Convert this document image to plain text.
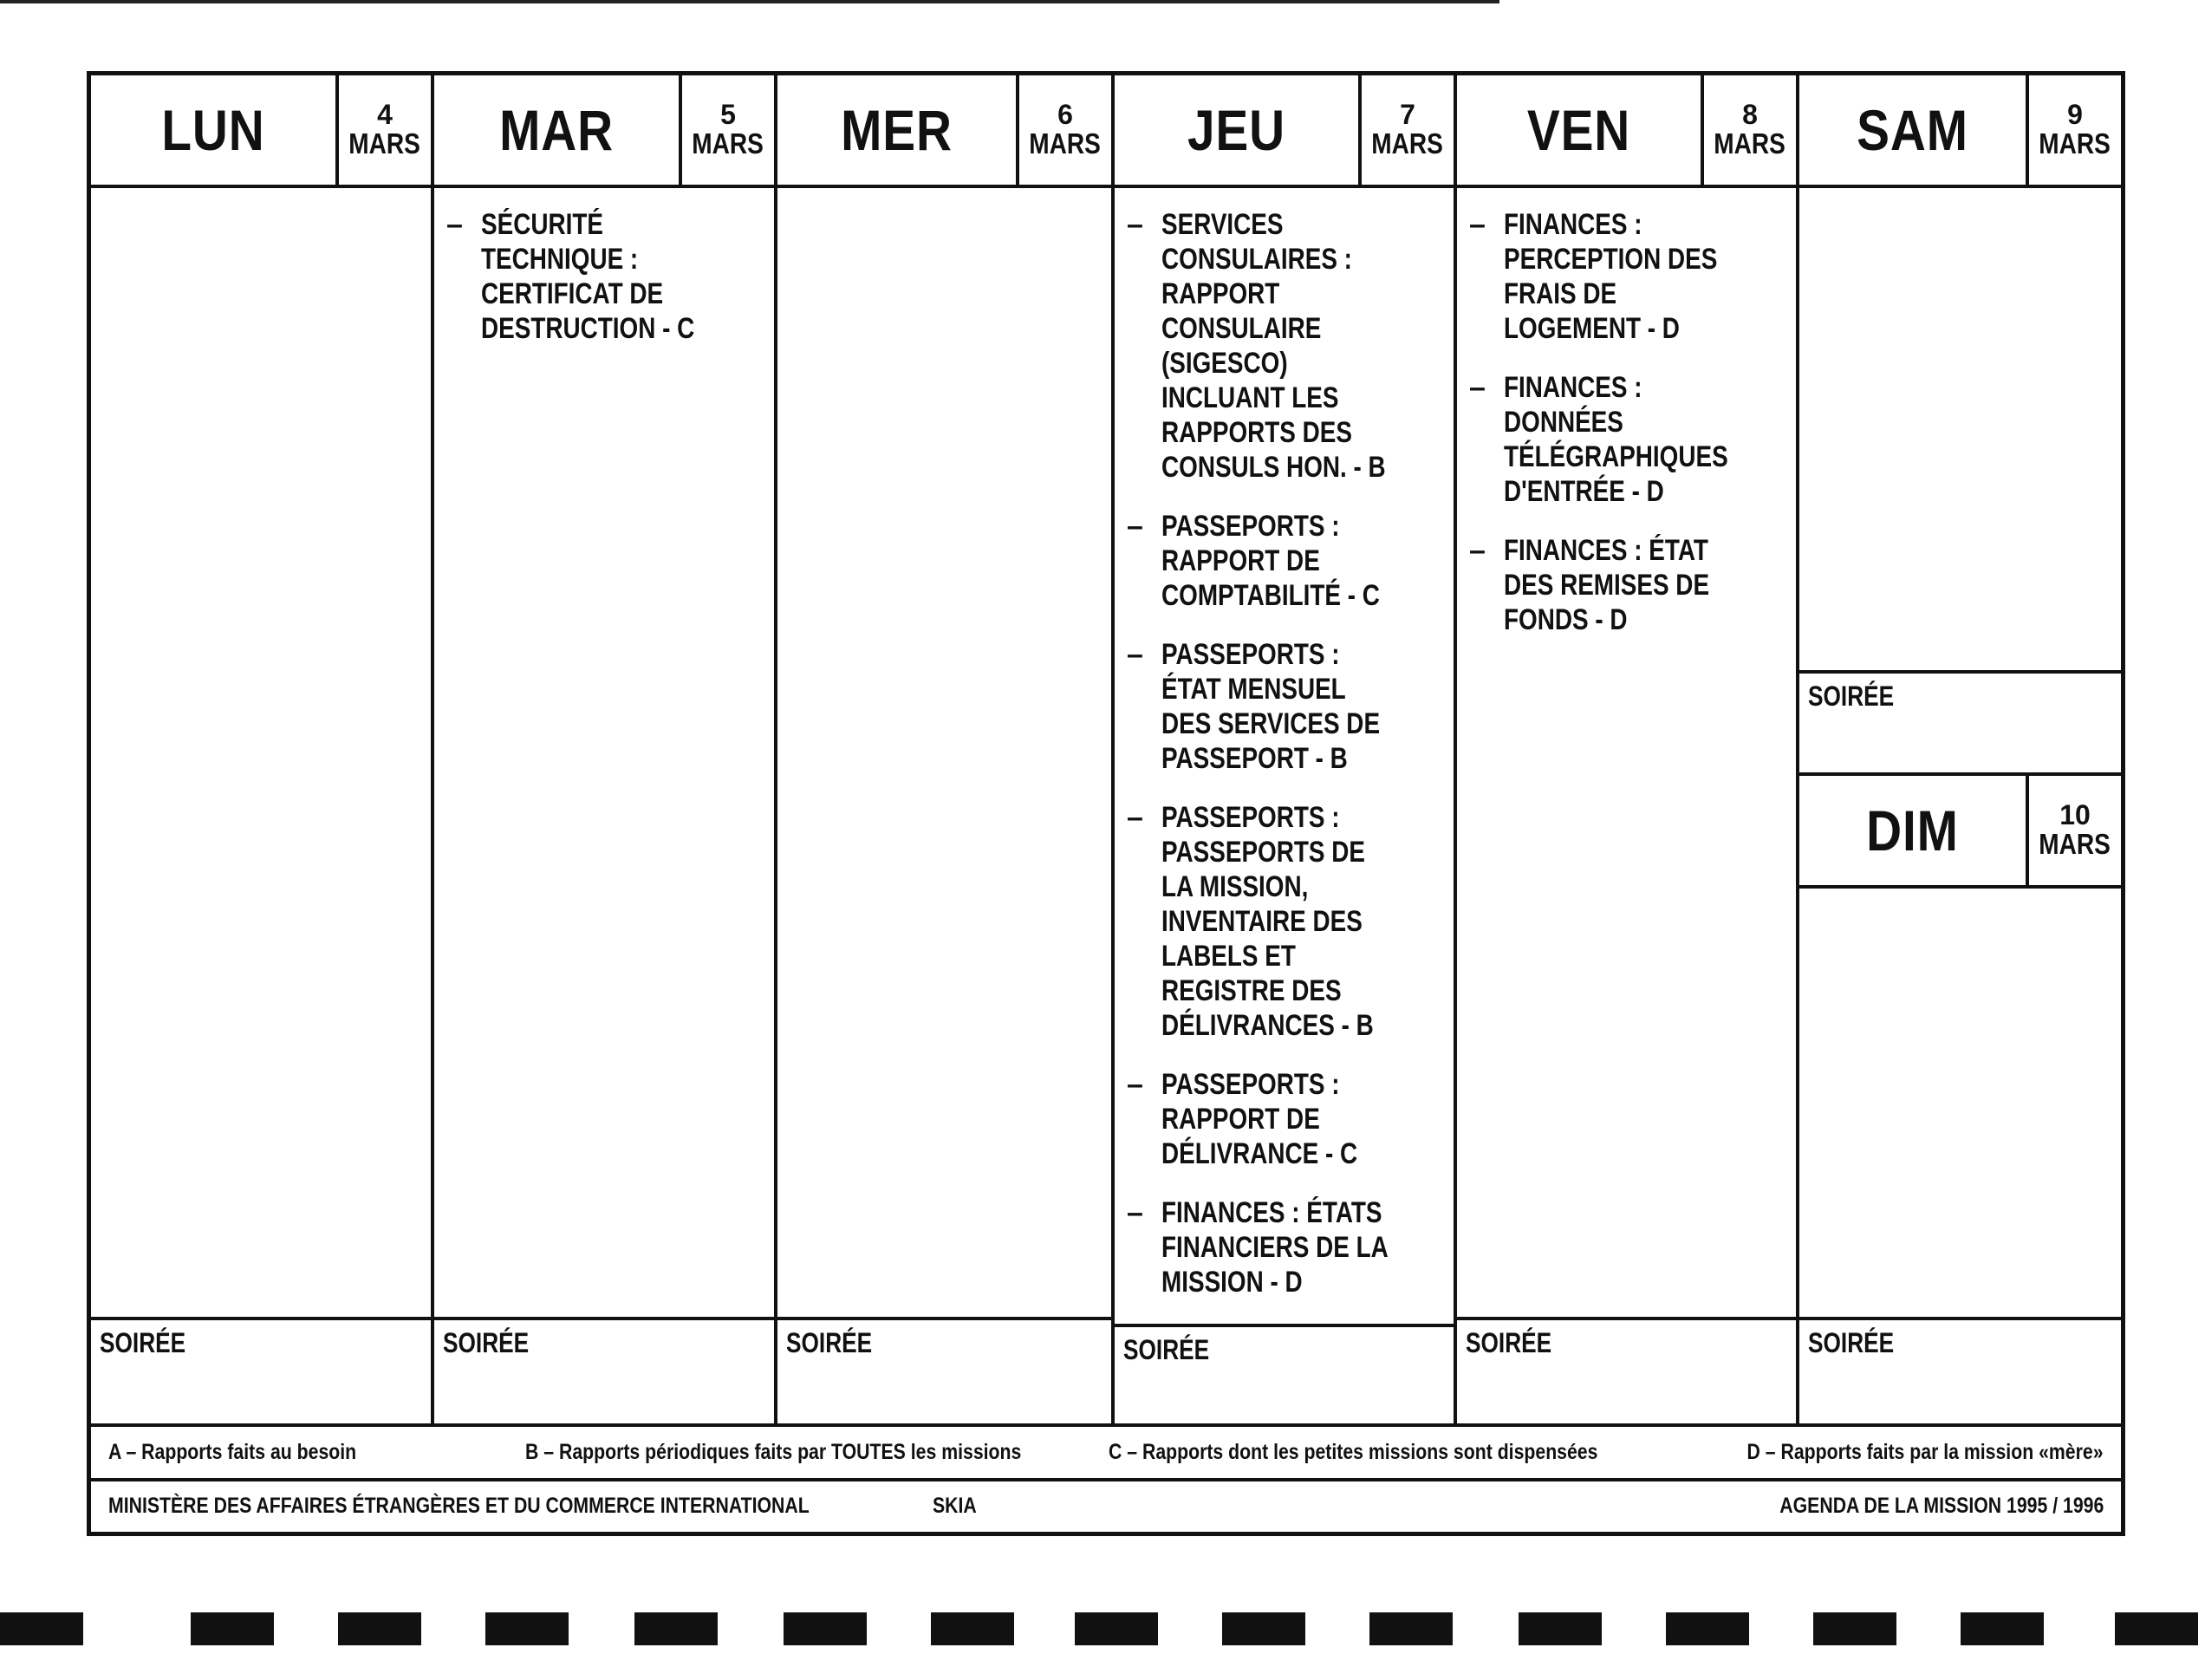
LUN	4
MARS
SOIRÉE
MAR	5
MARS
– SÉCURITÉ TECHNIQUE : CERTIFICAT DE DESTRUCTION - C
SOIRÉE
MER	6
MARS
SOIRÉE
JEU	7
MARS
– SERVICES CONSULAIRES : RAPPORT CONSULAIRE (SIGESCO) INCLUANT LES RAPPORTS DES CONSULS HON. - B
– PASSEPORTS : RAPPORT DE COMPTABILITÉ - C
– PASSEPORTS : ÉTAT MENSUEL DES SERVICES DE PASSEPORT - B
– PASSEPORTS : PASSEPORTS DE LA MISSION, INVENTAIRE DES LABELS ET REGISTRE DES DÉLIVRANCES - B
– PASSEPORTS : RAPPORT DE DÉLIVRANCE - C
– FINANCES : ÉTATS FINANCIERS DE LA MISSION - D
SOIRÉE
VEN	8
MARS
– FINANCES : PERCEPTION DES FRAIS DE LOGEMENT - D
– FINANCES : DONNÉES TÉLÉGRAPHIQUES D'ENTRÉE - D
– FINANCES : ÉTAT DES REMISES DE FONDS - D
SOIRÉE
SAM	9
MARS
SOIRÉE
DIM	10
MARS
SOIRÉE
A – Rapports faits au besoin	B – Rapports périodiques faits par TOUTES les missions	C – Rapports dont les petites missions sont dispensées	D – Rapports faits par la mission «mère»
MINISTÈRE DES AFFAIRES ÉTRANGÈRES ET DU COMMERCE INTERNATIONAL	SKIA	AGENDA DE LA MISSION 1995 / 1996
